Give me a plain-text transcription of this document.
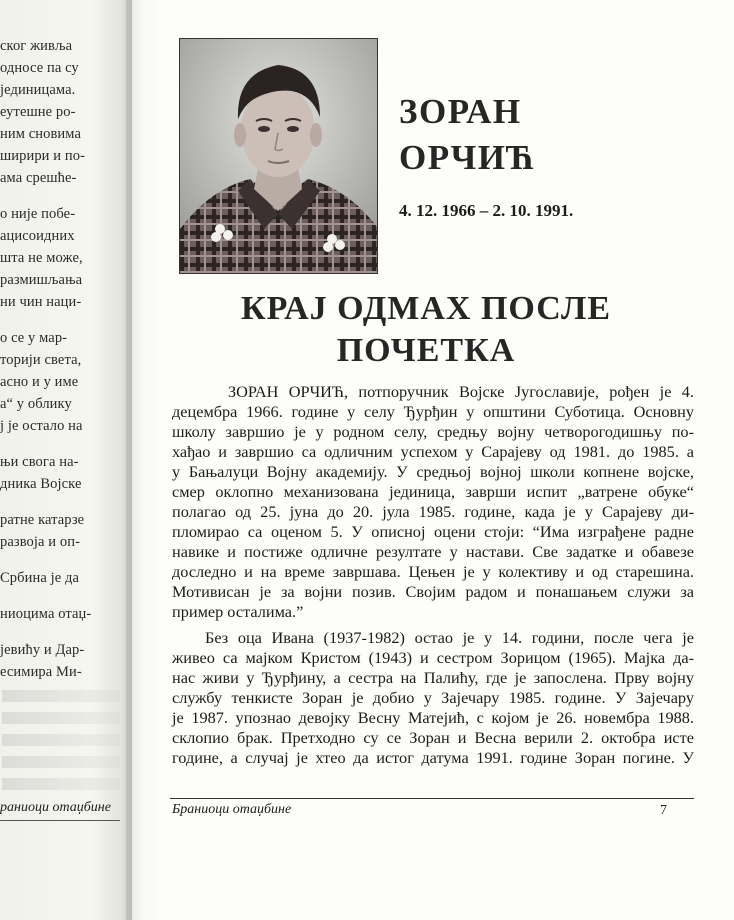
ског живља
односе па су
јединицама.
еутешне ро-
ним сновима
ширири и по-
ама срешће-
о није побе-
ацисоидних
шта не може,
размишљања
ни чин наци-
о се у мар-
торији света,
асно и у име
а“ у облику
ј је остало на
њи свога на-
дника Војске
ратне катарзе
развоја и оп-
Србина је да
ниоцима отаџ-
јевићу и Дар-
есимира Ми-
раниоци отаџбине
ЗОРАН
ОРЧИЋ
4. 12. 1966 – 2. 10. 1991.
КРАЈ ОДМАХ ПОСЛЕ
ПОЧЕТКА
ЗОРАН ОРЧИЋ, потпоручник Војске Југославије, рођен је 4.
децембра 1966. године у селу Ђурђин у општини Суботица. Основну
школу завршио је у родном селу, средњу војну четворогодишњу по-
хађао и завршио са одличним успехом у Сарајеву од 1981. до 1985. а
у Бањалуци Војну академију. У средњој војној школи копнене војске,
смер оклопно механизована јединица, заврши испит „ватрене обуке“
полагао од 25. јуна до 20. јула 1985. године, када је у Сарајеву ди-
пломирао са оценом 5. У описној оцени стоји: “Има изграђене радне
навике и постиже одличне резултате у настави. Све задатке и обавезе
доследно и на време завршава. Цењен је у колективу и од старешина.
Мотивисан је за војни позив. Својим радом и понашањем служи за
пример осталима.”
Без оца Ивана (1937-1982) остао је у 14. години, после чега је
живео са мајком Кристом (1943) и сестром Зорицом (1965). Мајка да-
нас живи у Ђурђину, а сестра на Палићу, где је запослена. Прву војну
службу тенкисте Зоран је добио у Зајечару 1985. године. У Зајечару
је 1987. упознао девојку Весну Матејић, с којом је 26. новембра 1988.
склопио брак. Претходно су се Зоран и Весна верили 2. октобра исте
године, а случај је хтео да истог датума 1991. године Зоран погине. У
Браниоци отаџбине	7
